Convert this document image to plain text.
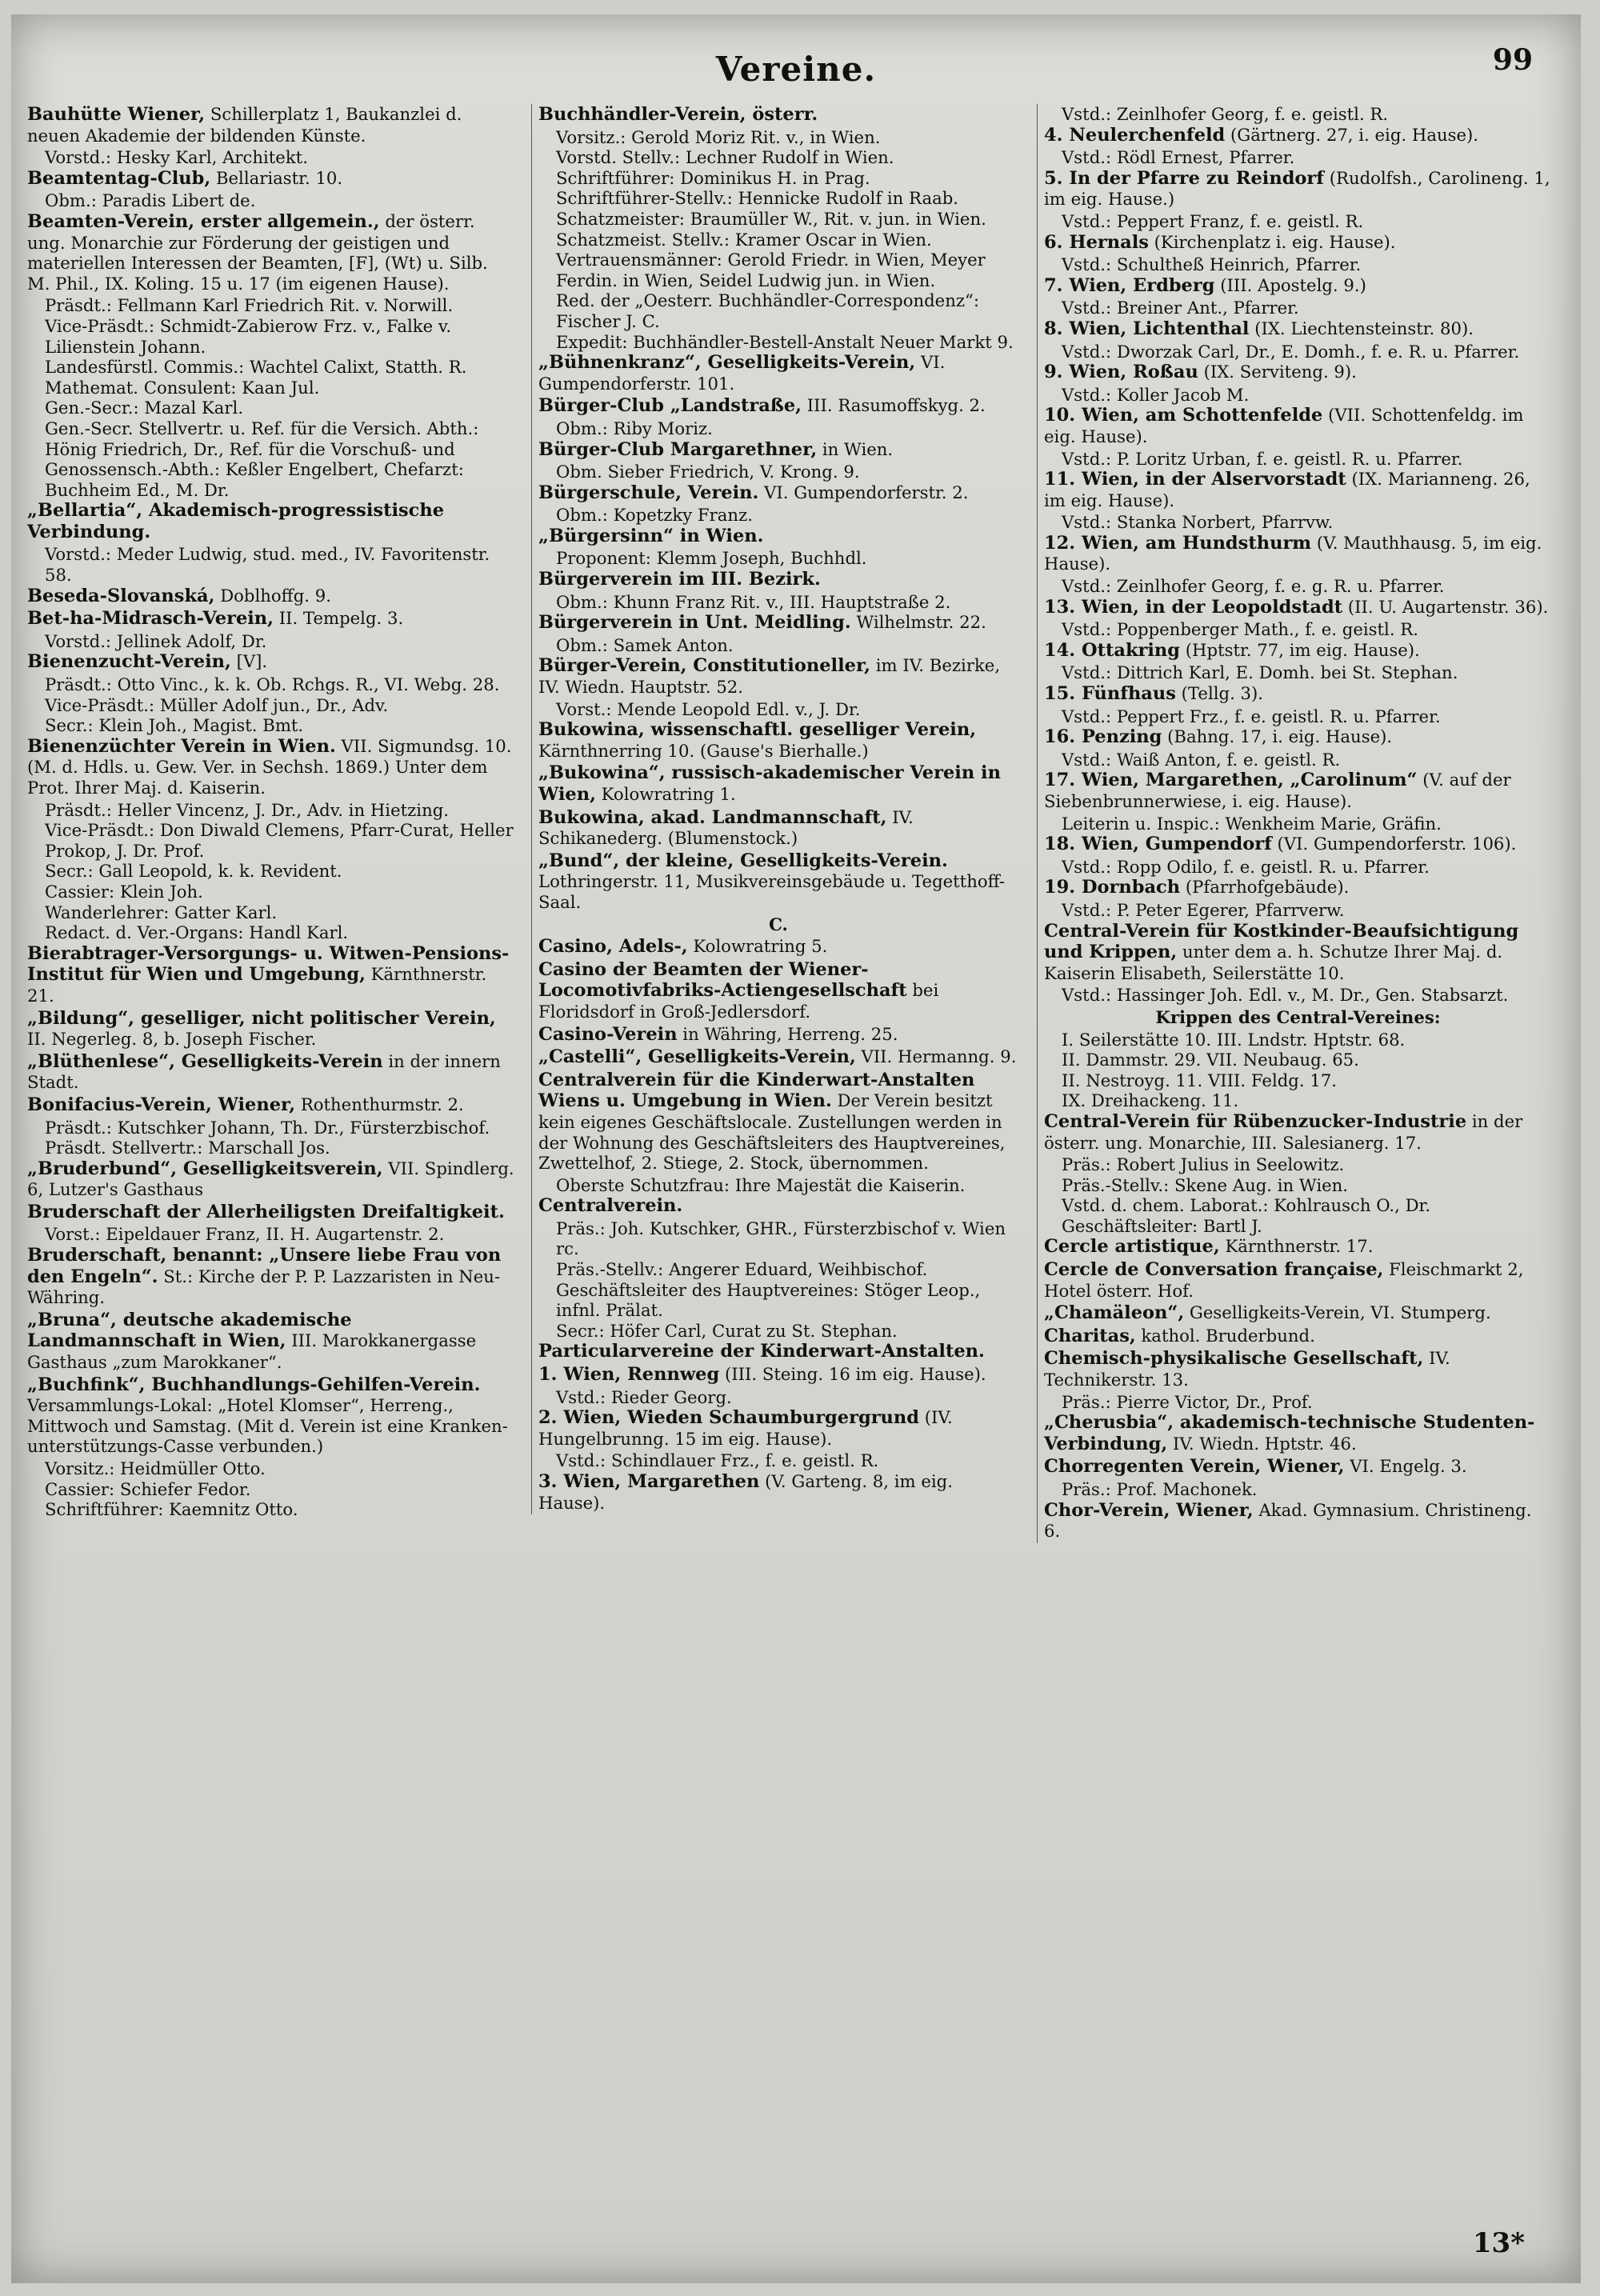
Vereine.	99
Bauhütte Wiener, Schillerplatz 1, Baukanzlei d. neuen Akademie der bildenden Künste.
Vorstd.: Hesky Karl, Architekt.
Beamtentag-Club, Bellariastr. 10.
Obm.: Paradis Libert de.
Beamten-Verein, erster allgemein., der österr. ung. Monarchie zur Förderung der geistigen und materiellen Interessen der Beamten, [F], (Wt) u. Silb. M. Phil., IX. Koling. 15 u. 17 (im eigenen Hause).
Präsdt.: Fellmann Karl Friedrich Rit. v. Norwill.
Vice-Präsdt.: Schmidt-Zabierow Frz. v., Falke v. Lilienstein Johann.
Landesfürstl. Commis.: Wachtel Calixt, Statth. R.
Mathemat. Consulent: Kaan Jul.
Gen.-Secr.: Mazal Karl.
Gen.-Secr. Stellvertr. u. Ref. für die Versich. Abth.: Hönig Friedrich, Dr., Ref. für die Vorschuß- und Genossensch.-Abth.: Keßler Engelbert, Chefarzt: Buchheim Ed., M. Dr.
„Bellartia“, Akademisch-progressistische Verbindung.
Vorstd.: Meder Ludwig, stud. med., IV. Favoritenstr. 58.
Beseda-Slovanská, Doblhoffg. 9.
Bet-ha-Midrasch-Verein, II. Tempelg. 3.
Vorstd.: Jellinek Adolf, Dr.
Bienenzucht-Verein, [V].
Präsdt.: Otto Vinc., k. k. Ob. Rchgs. R., VI. Webg. 28.
Vice-Präsdt.: Müller Adolf jun., Dr., Adv.
Secr.: Klein Joh., Magist. Bmt.
Bienenzüchter Verein in Wien. VII. Sigmundsg. 10. (M. d. Hdls. u. Gew. Ver. in Sechsh. 1869.) Unter dem Prot. Ihrer Maj. d. Kaiserin.
Präsdt.: Heller Vincenz, J. Dr., Adv. in Hietzing.
Vice-Präsdt.: Don Diwald Clemens, Pfarr-Curat, Heller Prokop, J. Dr. Prof.
Secr.: Gall Leopold, k. k. Revident.
Cassier: Klein Joh.
Wanderlehrer: Gatter Karl.
Redact. d. Ver.-Organs: Handl Karl.
Bierabtrager-Versorgungs- u. Witwen-Pensions-Institut für Wien und Umgebung, Kärnthnerstr. 21.
„Bildung“, geselliger, nicht politischer Verein, II. Negerleg. 8, b. Joseph Fischer.
„Blüthenlese“, Geselligkeits-Verein in der innern Stadt.
Bonifacius-Verein, Wiener, Rothenthurmstr. 2.
Präsdt.: Kutschker Johann, Th. Dr., Fürsterzbischof.
Präsdt. Stellvertr.: Marschall Jos.
„Bruderbund“, Geselligkeitsverein, VII. Spindlerg. 6, Lutzer's Gasthaus
Bruderschaft der Allerheiligsten Dreifaltigkeit.
Vorst.: Eipeldauer Franz, II. H. Augartenstr. 2.
Bruderschaft, benannt: „Unsere liebe Frau von den Engeln“. St.: Kirche der P. P. Lazzaristen in Neu-Währing.
„Bruna“, deutsche akademische Landmannschaft in Wien, III. Marokkanergasse Gasthaus „zum Marokkaner“.
„Buchfink“, Buchhandlungs-Gehilfen-Verein. Versammlungs-Lokal: „Hotel Klomser“, Herreng., Mittwoch und Samstag. (Mit d. Verein ist eine Kranken-unterstützungs-Casse verbunden.)
Vorsitz.: Heidmüller Otto.
Cassier: Schiefer Fedor.
Schriftführer: Kaemnitz Otto.
Buchhändler-Verein, österr.
Vorsitz.: Gerold Moriz Rit. v., in Wien.
Vorstd. Stellv.: Lechner Rudolf in Wien.
Schriftführer: Dominikus H. in Prag.
Schriftführer-Stellv.: Hennicke Rudolf in Raab.
Schatzmeister: Braumüller W., Rit. v. jun. in Wien.
Schatzmeist. Stellv.: Kramer Oscar in Wien.
Vertrauensmänner: Gerold Friedr. in Wien, Meyer Ferdin. in Wien, Seidel Ludwig jun. in Wien.
Red. der „Oesterr. Buchhändler-Correspondenz“: Fischer J. C.
Expedit: Buchhändler-Bestell-Anstalt Neuer Markt 9.
„Bühnenkranz“, Geselligkeits-Verein, VI. Gumpendorferstr. 101.
Bürger-Club „Landstraße, III. Rasumoffskyg. 2.
Obm.: Riby Moriz.
Bürger-Club Margarethner, in Wien.
Obm. Sieber Friedrich, V. Krong. 9.
Bürgerschule, Verein. VI. Gumpendorferstr. 2.
Obm.: Kopetzky Franz.
„Bürgersinn“ in Wien.
Proponent: Klemm Joseph, Buchhdl.
Bürgerverein im III. Bezirk.
Obm.: Khunn Franz Rit. v., III. Hauptstraße 2.
Bürgerverein in Unt. Meidling. Wilhelmstr. 22.
Obm.: Samek Anton.
Bürger-Verein, Constitutioneller, im IV. Bezirke, IV. Wiedn. Hauptstr. 52.
Vorst.: Mende Leopold Edl. v., J. Dr.
Bukowina, wissenschaftl. geselliger Verein, Kärnthnerring 10. (Gause's Bierhalle.)
„Bukowina“, russisch-akademischer Verein in Wien, Kolowratring 1.
Bukowina, akad. Landmannschaft, IV. Schikanederg. (Blumenstock.)
„Bund“, der kleine, Geselligkeits-Verein. Lothringerstr. 11, Musikvereinsgebäude u. Tegetthoff-Saal.
C.
Casino, Adels-, Kolowratring 5.
Casino der Beamten der Wiener-Locomotivfabriks-Actiengesellschaft bei Floridsdorf in Groß-Jedlersdorf.
Casino-Verein in Währing, Herreng. 25.
„Castelli“, Geselligkeits-Verein, VII. Hermanng. 9.
Centralverein für die Kinderwart-Anstalten Wiens u. Umgebung in Wien. Der Verein besitzt kein eigenes Geschäftslocale. Zustellungen werden in der Wohnung des Geschäftsleiters des Hauptvereines, Zwettelhof, 2. Stiege, 2. Stock, übernommen.
Oberste Schutzfrau: Ihre Majestät die Kaiserin.
Centralverein.
Präs.: Joh. Kutschker, GHR., Fürsterzbischof v. Wien rc.
Präs.-Stellv.: Angerer Eduard, Weihbischof.
Geschäftsleiter des Hauptvereines: Stöger Leop., infnl. Prälat.
Secr.: Höfer Carl, Curat zu St. Stephan.
Particularvereine der Kinderwart-Anstalten.
1. Wien, Rennweg (III. Steing. 16 im eig. Hause).
Vstd.: Rieder Georg.
2. Wien, Wieden Schaumburgergrund (IV. Hungelbrunng. 15 im eig. Hause).
Vstd.: Schindlauer Frz., f. e. geistl. R.
3. Wien, Margarethen (V. Garteng. 8, im eig. Hause).
Vstd.: Zeinlhofer Georg, f. e. geistl. R.
4. Neulerchenfeld (Gärtnerg. 27, i. eig. Hause).
Vstd.: Rödl Ernest, Pfarrer.
5. In der Pfarre zu Reindorf (Rudolfsh., Carolineng. 1, im eig. Hause.)
Vstd.: Peppert Franz, f. e. geistl. R.
6. Hernals (Kirchenplatz i. eig. Hause).
Vstd.: Schultheß Heinrich, Pfarrer.
7. Wien, Erdberg (III. Apostelg. 9.)
Vstd.: Breiner Ant., Pfarrer.
8. Wien, Lichtenthal (IX. Liechtensteinstr. 80).
Vstd.: Dworzak Carl, Dr., E. Domh., f. e. R. u. Pfarrer.
9. Wien, Roßau (IX. Serviteng. 9).
Vstd.: Koller Jacob M.
10. Wien, am Schottenfelde (VII. Schottenfeldg. im eig. Hause).
Vstd.: P. Loritz Urban, f. e. geistl. R. u. Pfarrer.
11. Wien, in der Alservorstadt (IX. Marianneng. 26, im eig. Hause).
Vstd.: Stanka Norbert, Pfarrvw.
12. Wien, am Hundsthurm (V. Mauthhausg. 5, im eig. Hause).
Vstd.: Zeinlhofer Georg, f. e. g. R. u. Pfarrer.
13. Wien, in der Leopoldstadt (II. U. Augartenstr. 36).
Vstd.: Poppenberger Math., f. e. geistl. R.
14. Ottakring (Hptstr. 77, im eig. Hause).
Vstd.: Dittrich Karl, E. Domh. bei St. Stephan.
15. Fünfhaus (Tellg. 3).
Vstd.: Peppert Frz., f. e. geistl. R. u. Pfarrer.
16. Penzing (Bahng. 17, i. eig. Hause).
Vstd.: Waiß Anton, f. e. geistl. R.
17. Wien, Margarethen, „Carolinum“ (V. auf der Siebenbrunnerwiese, i. eig. Hause).
Leiterin u. Inspic.: Wenkheim Marie, Gräfin.
18. Wien, Gumpendorf (VI. Gumpendorferstr. 106).
Vstd.: Ropp Odilo, f. e. geistl. R. u. Pfarrer.
19. Dornbach (Pfarrhofgebäude).
Vstd.: P. Peter Egerer, Pfarrverw.
Central-Verein für Kostkinder-Beaufsichtigung und Krippen, unter dem a. h. Schutze Ihrer Maj. d. Kaiserin Elisabeth, Seilerstätte 10.
Vstd.: Hassinger Joh. Edl. v., M. Dr., Gen. Stabsarzt.
Krippen des Central-Vereines:
I. Seilerstätte 10. III. Lndstr. Hptstr. 68.
II. Dammstr. 29. VII. Neubaug. 65.
II. Nestroyg. 11. VIII. Feldg. 17.
IX. Dreihackeng. 11.
Central-Verein für Rübenzucker-Industrie in der österr. ung. Monarchie, III. Salesianerg. 17.
Präs.: Robert Julius in Seelowitz.
Präs.-Stellv.: Skene Aug. in Wien.
Vstd. d. chem. Laborat.: Kohlrausch O., Dr.
Geschäftsleiter: Bartl J.
Cercle artistique, Kärnthnerstr. 17.
Cercle de Conversation française, Fleischmarkt 2, Hotel österr. Hof.
„Chamäleon“, Geselligkeits-Verein, VI. Stumperg.
Charitas, kathol. Bruderbund.
Chemisch-physikalische Gesellschaft, IV. Technikerstr. 13.
Präs.: Pierre Victor, Dr., Prof.
„Cherusbia“, akademisch-technische Studenten-Verbindung, IV. Wiedn. Hptstr. 46.
Chorregenten Verein, Wiener, VI. Engelg. 3.
Präs.: Prof. Machonek.
Chor-Verein, Wiener, Akad. Gymnasium. Christineng. 6.
13*
